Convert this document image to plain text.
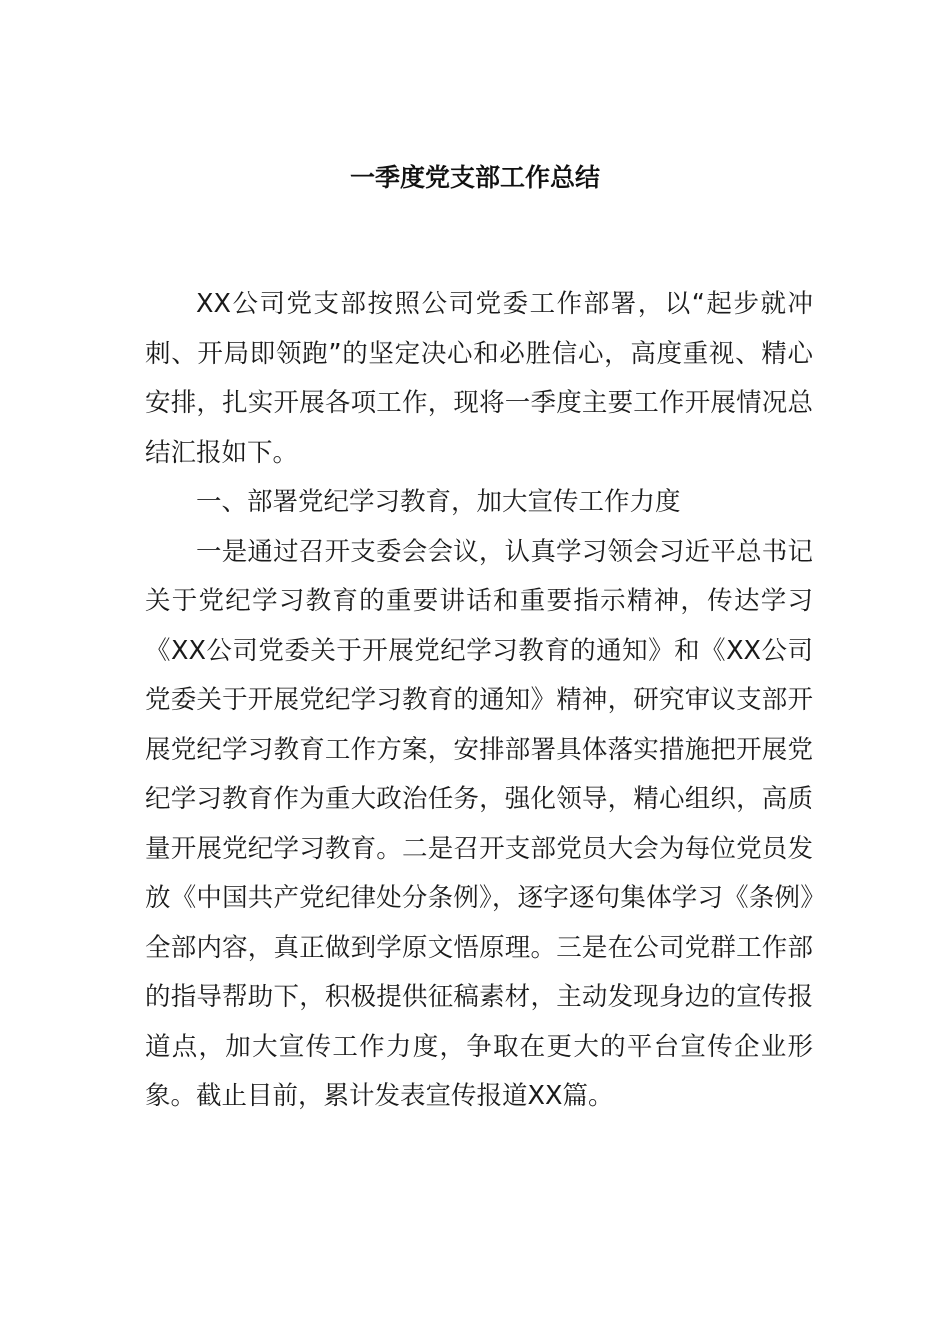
一季度党支部工作总结

XX公司党支部按照公司党委工作部署，以“起步就冲刺、开局即领跑”的坚定决心和必胜信心，高度重视、精心安排，扎实开展各项工作，现将一季度主要工作开展情况总结汇报如下。

一、部署党纪学习教育，加大宣传工作力度

一是通过召开支委会会议，认真学习领会习近平总书记关于党纪学习教育的重要讲话和重要指示精神，传达学习《XX公司党委关于开展党纪学习教育的通知》和《XX公司党委关于开展党纪学习教育的通知》精神，研究审议支部开展党纪学习教育工作方案，安排部署具体落实措施把开展党纪学习教育作为重大政治任务，强化领导，精心组织，高质量开展党纪学习教育。二是召开支部党员大会为每位党员发放《中国共产党纪律处分条例》，逐字逐句集体学习《条例》全部内容，真正做到学原文悟原理。三是在公司党群工作部的指导帮助下，积极提供征稿素材，主动发现身边的宣传报道点，加大宣传工作力度，争取在更大的平台宣传企业形象。截止目前，累计发表宣传报道XX篇。
